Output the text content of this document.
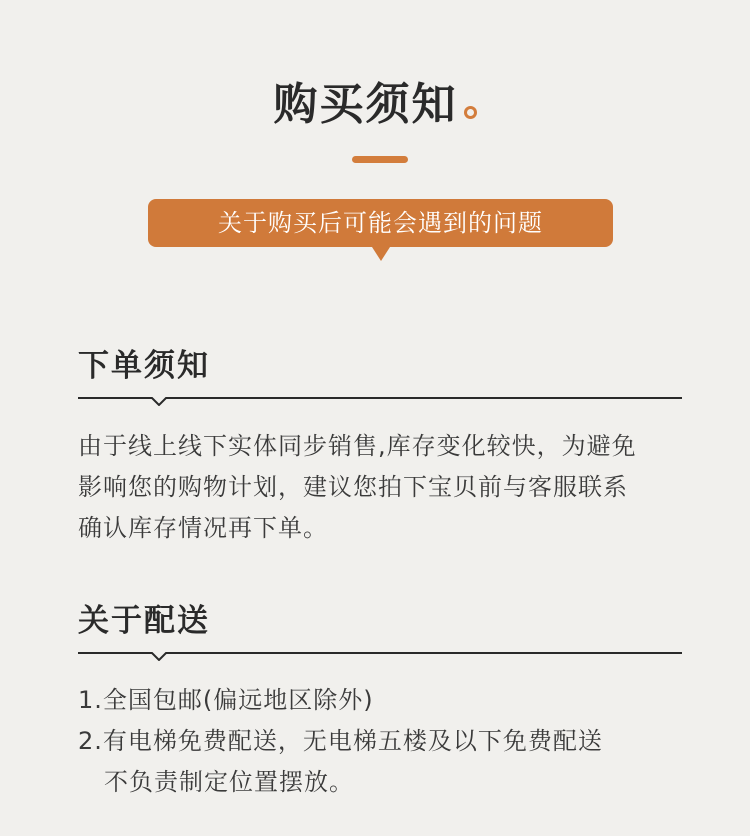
购买须知
关于购买后可能会遇到的问题
下单须知
由于线上线下实体同步销售,库存变化较快，为避免
影响您的购物计划，建议您拍下宝贝前与客服联系
确认库存情况再下单。
关于配送
1.全国包邮(偏远地区除外)
2.有电梯免费配送，无电梯五楼及以下免费配送
不负责制定位置摆放。
